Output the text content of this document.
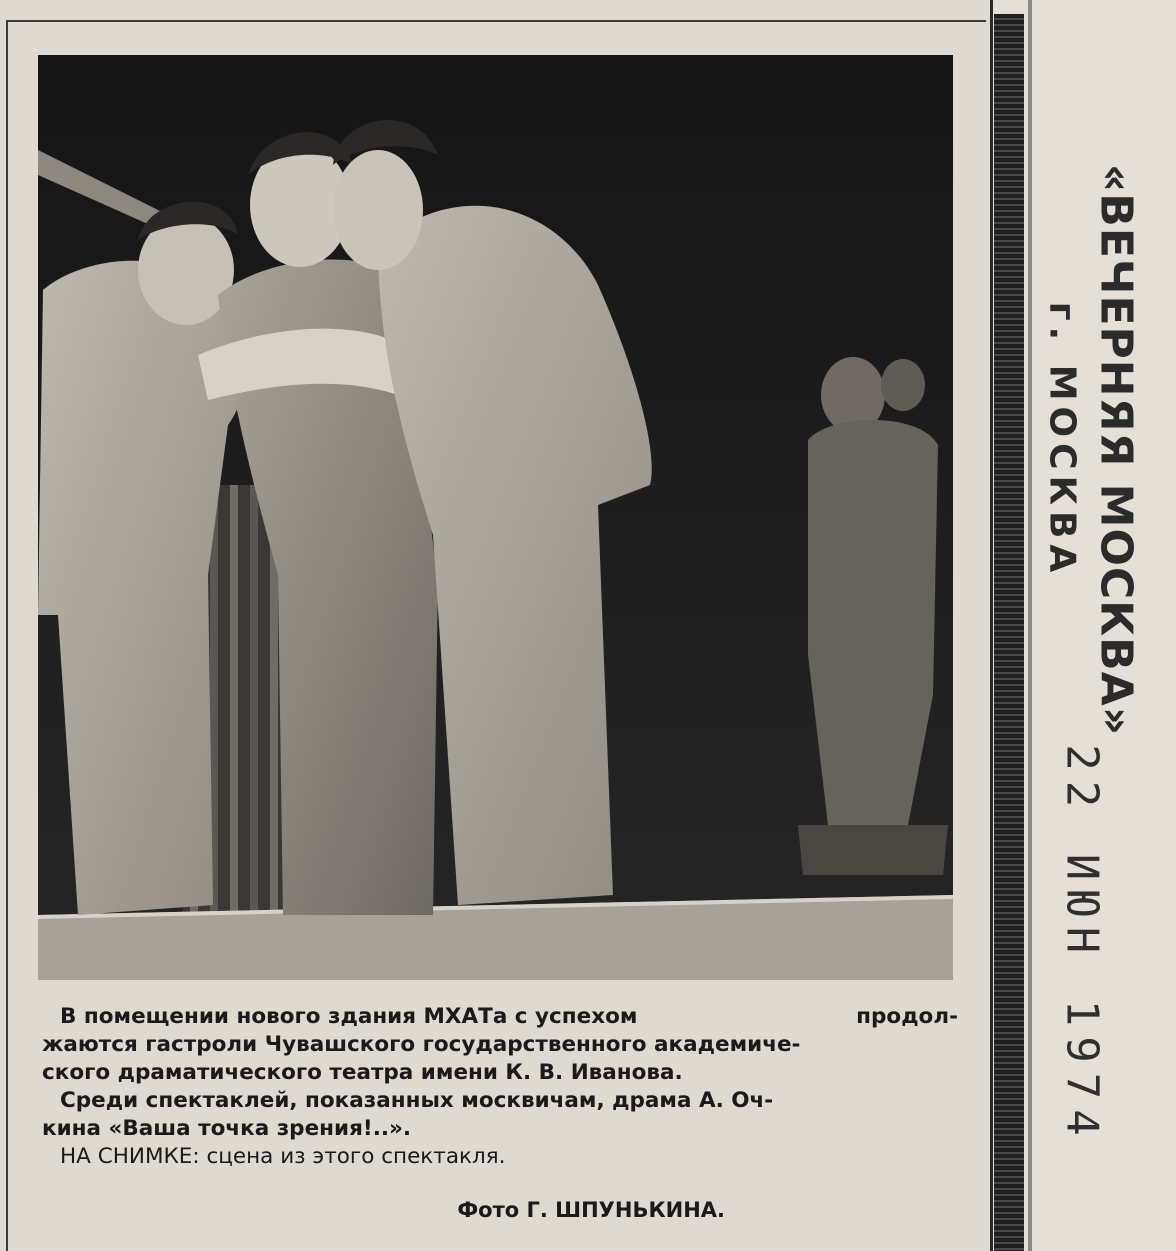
В помещении нового здания МХАТа с успехом	продол-

жаются гастроли Чувашского государственного академиче-

ского драматического театра имени К. В. Иванова.

Среди спектаклей, показанных москвичам, драма А. Оч-

кина «Ваша точка зрения!..».

НА СНИМКЕ: сцена из этого спектакля.

Фото Г. ШПУНЬКИНА.
«ВЕЧЕРНЯЯ МОСКВА»
г. МОСКВА
22 ИЮН 1974
